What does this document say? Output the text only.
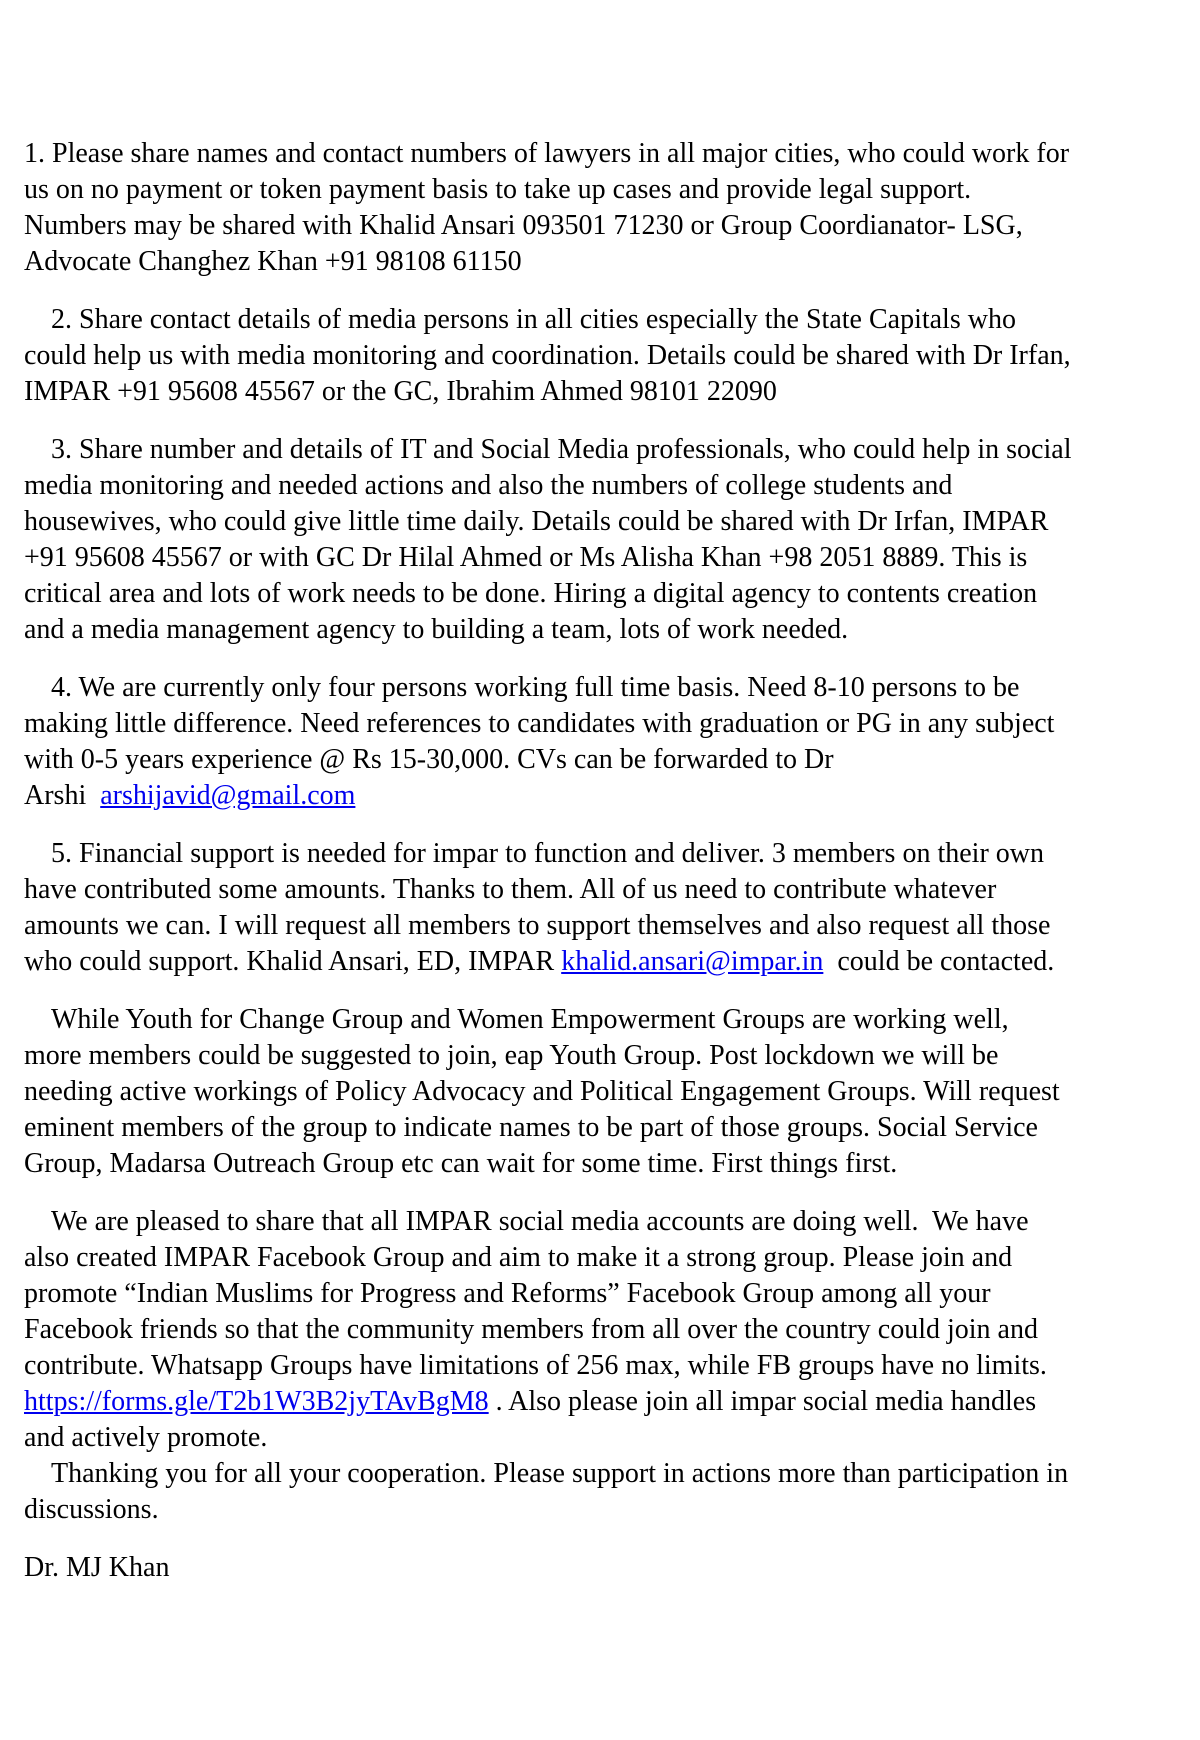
1. Please share names and contact numbers of lawyers in all major cities, who could work for
us on no payment or token payment basis to take up cases and provide legal support.
Numbers may be shared with Khalid Ansari 093501 71230 or Group Coordianator- LSG,
Advocate Changhez Khan +91 98108 61150
2. Share contact details of media persons in all cities especially the State Capitals who
could help us with media monitoring and coordination. Details could be shared with Dr Irfan,
IMPAR +91 95608 45567 or the GC, Ibrahim Ahmed 98101 22090
3. Share number and details of IT and Social Media professionals, who could help in social
media monitoring and needed actions and also the numbers of college students and
housewives, who could give little time daily. Details could be shared with Dr Irfan, IMPAR
+91 95608 45567 or with GC Dr Hilal Ahmed or Ms Alisha Khan +98 2051 8889. This is
critical area and lots of work needs to be done. Hiring a digital agency to contents creation
and a media management agency to building a team, lots of work needed.
4. We are currently only four persons working full time basis. Need 8-10 persons to be
making little difference. Need references to candidates with graduation or PG in any subject
with 0-5 years experience @ Rs 15-30,000. CVs can be forwarded to Dr
Arshi  arshijavid@gmail.com
5. Financial support is needed for impar to function and deliver. 3 members on their own
have contributed some amounts. Thanks to them. All of us need to contribute whatever
amounts we can. I will request all members to support themselves and also request all those
who could support. Khalid Ansari, ED, IMPAR khalid.ansari@impar.in  could be contacted.
While Youth for Change Group and Women Empowerment Groups are working well,
more members could be suggested to join, eap Youth Group. Post lockdown we will be
needing active workings of Policy Advocacy and Political Engagement Groups. Will request
eminent members of the group to indicate names to be part of those groups. Social Service
Group, Madarsa Outreach Group etc can wait for some time. First things first.
We are pleased to share that all IMPAR social media accounts are doing well.  We have
also created IMPAR Facebook Group and aim to make it a strong group. Please join and
promote “Indian Muslims for Progress and Reforms” Facebook Group among all your
Facebook friends so that the community members from all over the country could join and
contribute. Whatsapp Groups have limitations of 256 max, while FB groups have no limits.
https://forms.gle/T2b1W3B2jyTAvBgM8 . Also please join all impar social media handles
and actively promote.
Thanking you for all your cooperation. Please support in actions more than participation in
discussions.
Dr. MJ Khan
